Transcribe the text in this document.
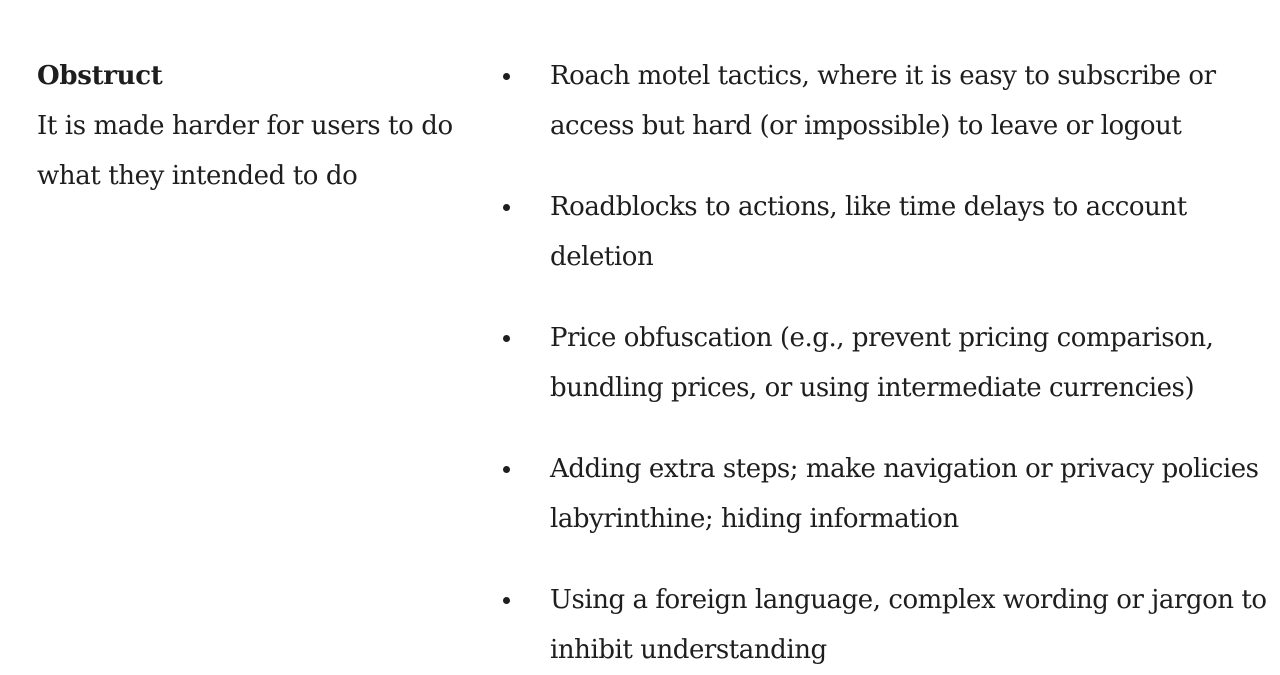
Obstruct

It is made harder for users to do what they intended to do

Roach motel tactics, where it is easy to subscribe or access but hard (or impossible) to leave or logout
Roadblocks to actions, like time delays to account deletion
Price obfuscation (e.g., prevent pricing comparison, bundling prices, or using intermediate currencies)
Adding extra steps; make navigation or privacy policies labyrinthine; hiding information
Using a foreign language, complex wording or jargon to inhibit understanding
